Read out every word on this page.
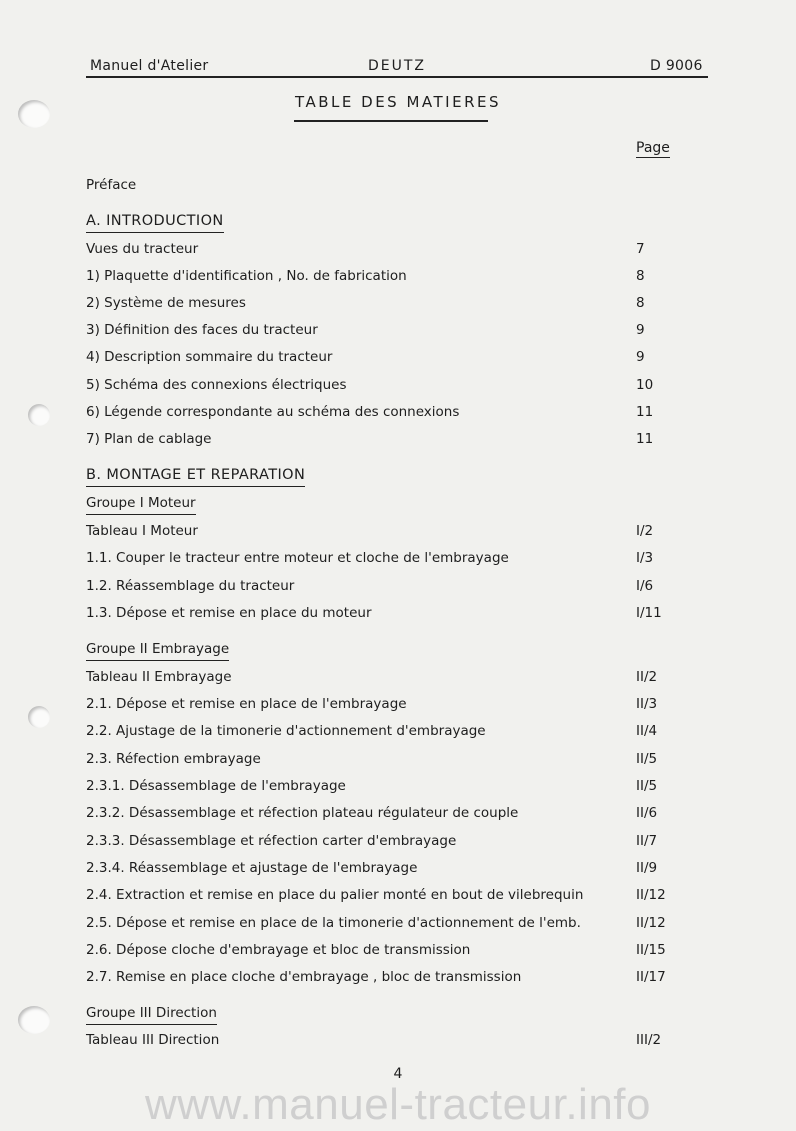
Manuel d'Atelier	DEUTZ	D 9006
TABLE DES MATIERES
Page
Préface
A. INTRODUCTION
Vues du tracteur	7
1) Plaquette d'identification , No. de fabrication	8
2) Système de mesures	8
3) Définition des faces du tracteur	9
4) Description sommaire du tracteur	9
5) Schéma des connexions électriques	10
6) Légende correspondante au schéma des connexions	11
7) Plan de cablage	11
B. MONTAGE ET REPARATION
Groupe I Moteur
Tableau I Moteur	I/2
1.1. Couper le tracteur entre moteur et cloche de l'embrayage	I/3
1.2. Réassemblage du tracteur	I/6
1.3. Dépose et remise en place du moteur	I/11
Groupe II Embrayage
Tableau II Embrayage	II/2
2.1. Dépose et remise en place de l'embrayage	II/3
2.2. Ajustage de la timonerie d'actionnement d'embrayage	II/4
2.3. Réfection embrayage	II/5
2.3.1. Désassemblage de l'embrayage	II/5
2.3.2. Désassemblage et réfection plateau régulateur de couple	II/6
2.3.3. Désassemblage et réfection carter d'embrayage	II/7
2.3.4. Réassemblage et ajustage de l'embrayage	II/9
2.4. Extraction et remise en place du palier monté en bout de vilebrequin	II/12
2.5. Dépose et remise en place de la timonerie d'actionnement de l'emb.	II/12
2.6. Dépose cloche d'embrayage et bloc de transmission	II/15
2.7. Remise en place cloche d'embrayage , bloc de transmission	II/17
Groupe III Direction
Tableau III Direction	III/2
4
www.manuel-tracteur.info
